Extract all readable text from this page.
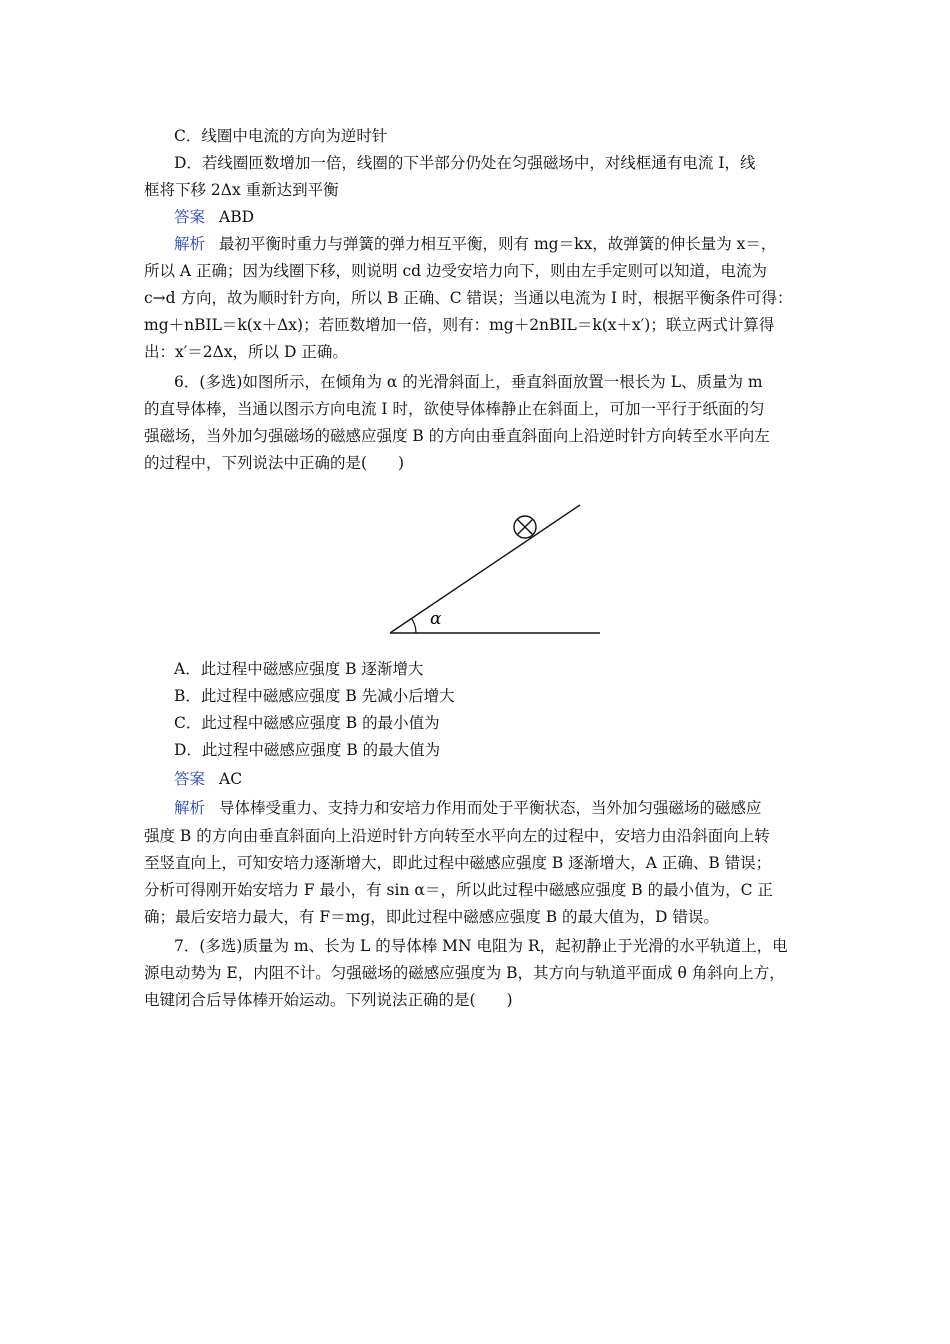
C．线圈中电流的方向为逆时针
D．若线圈匝数增加一倍，线圈的下半部分仍处在匀强磁场中，对线框通有电流 I，线
框将下移 2Δx 重新达到平衡
答案 ABD
解析 最初平衡时重力与弹簧的弹力相互平衡，则有 mg＝kx，故弹簧的伸长量为 x＝，
所以 A 正确；因为线圈下移，则说明 cd 边受安培力向下，则由左手定则可以知道，电流为
c→d 方向，故为顺时针方向，所以 B 正确、C 错误；当通以电流为 I 时，根据平衡条件可得：
mg＋nBIL＝k(x＋Δx)；若匝数增加一倍，则有：mg＋2nBIL＝k(x＋x′)；联立两式计算得
出：x′＝2Δx，所以 D 正确。
6．(多选)如图所示，在倾角为 α 的光滑斜面上，垂直斜面放置一根长为 L、质量为 m
的直导体棒，当通以图示方向电流 I 时，欲使导体棒静止在斜面上，可加一平行于纸面的匀
强磁场，当外加匀强磁场的磁感应强度 B 的方向由垂直斜面向上沿逆时针方向转至水平向左
的过程中，下列说法中正确的是(　　)
α
A．此过程中磁感应强度 B 逐渐增大
B．此过程中磁感应强度 B 先减小后增大
C．此过程中磁感应强度 B 的最小值为
D．此过程中磁感应强度 B 的最大值为
答案 AC
解析 导体棒受重力、支持力和安培力作用而处于平衡状态，当外加匀强磁场的磁感应
强度 B 的方向由垂直斜面向上沿逆时针方向转至水平向左的过程中，安培力由沿斜面向上转
至竖直向上，可知安培力逐渐增大，即此过程中磁感应强度 B 逐渐增大，A 正确、B 错误；
分析可得刚开始安培力 F 最小，有 sin α＝，所以此过程中磁感应强度 B 的最小值为，C 正
确；最后安培力最大，有 F＝mg，即此过程中磁感应强度 B 的最大值为，D 错误。
7．(多选)质量为 m、长为 L 的导体棒 MN 电阻为 R，起初静止于光滑的水平轨道上，电
源电动势为 E，内阻不计。匀强磁场的磁感应强度为 B，其方向与轨道平面成 θ 角斜向上方，
电键闭合后导体棒开始运动。下列说法正确的是(　　)
